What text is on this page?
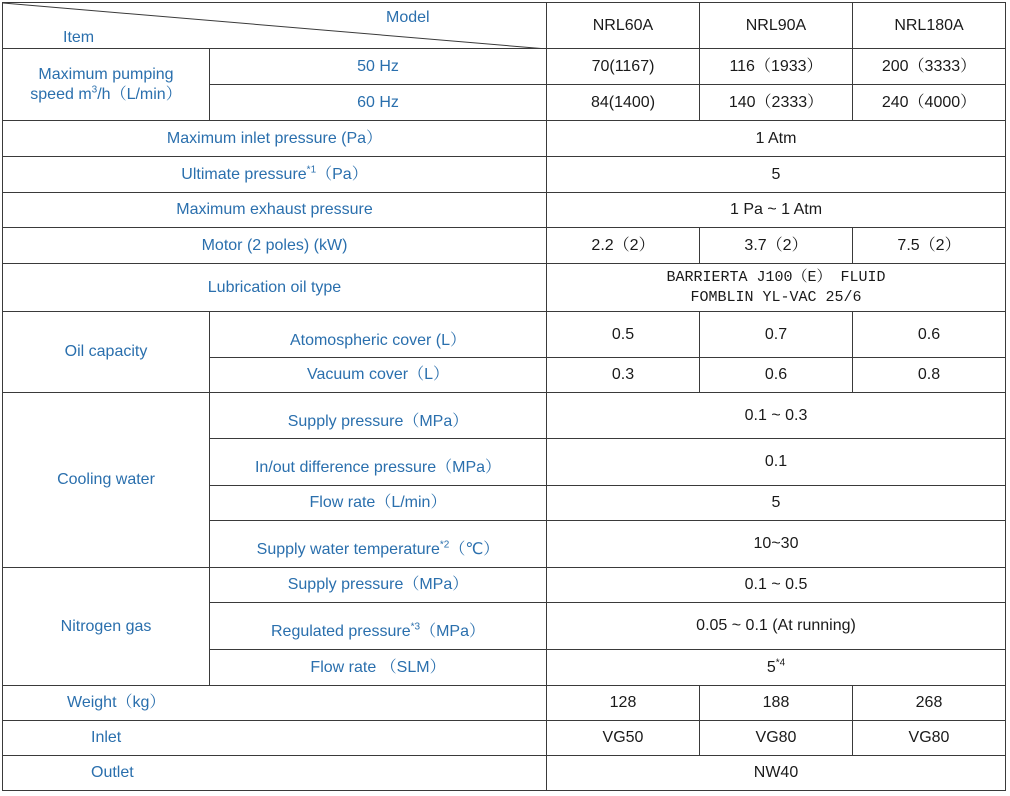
Model
Item		NRL60A	NRL90A	NRL180A

Maximum pumping
speed $m^3/h(L/\min)$	50 Hz	70(1167)	116（1933）	200（3333）
	60 Hz	84(1400)	140（2333）	240（4000）
Maximum inlet pressure (Pa）		1 Atm		
Ultimate pressure$^{*1}$（Pa）		5		
Maximum exhaust pressure		1 Pa ~ 1 Atm		
Motor (2 poles) (kW)		2.2（2）	3.7（2）	7.5（2）
Lubrication oil type		BARRIERTA J100（E） FLUID
FOMBLIN YL-VAC 25/6		

Oil capacity	Atomospheric cover (L）	0.5	0.7	0.6
	Vacuum cover（L）	0.3	0.6	0.8
Cooling water	Supply pressure（MPa）	0.1 ~ 0.3		
	In/out difference pressure（MPa）	0.1		
	Flow rate（L/min）	5		
	Supply water temperature$^{*2}$（℃）	10~30		
Nitrogen gas	Supply pressure（MPa）	0.1 ~ 0.5		
	Regulated pressure$^{*3}$（MPa）	0.05 ~ 0.1 (At running)		
	Flow rate （SLM）	5$^{*4}$
Weight（kg）		128	188	268
Inlet		VG50	VG80	VG80
Outlet		NW40		
